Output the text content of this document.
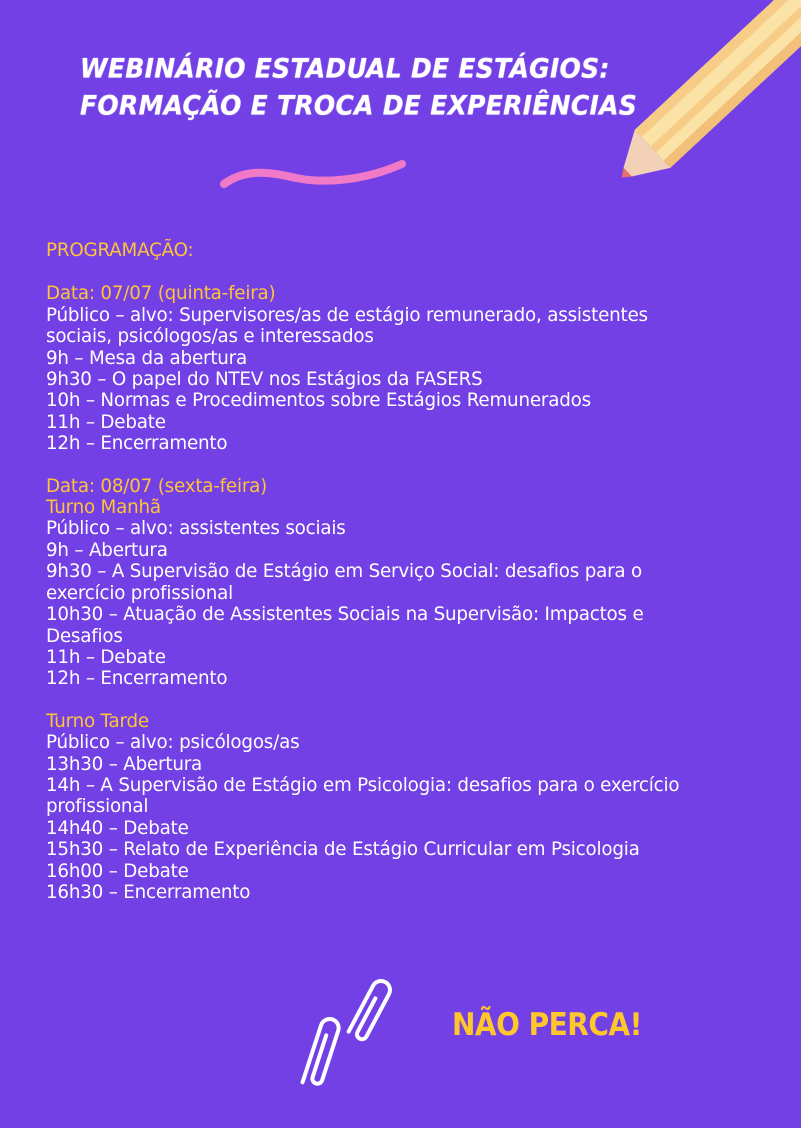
WEBINÁRIO ESTADUAL DE ESTÁGIOS:
FORMAÇÃO E TROCA DE EXPERIÊNCIAS
PROGRAMAÇÃO:
Data: 07/07 (quinta-feira)
Público – alvo: Supervisores/as de estágio remunerado, assistentes sociais, psicólogos/as e interessados
9h – Mesa da abertura
9h30 – O papel do NTEV nos Estágios da FASERS
10h – Normas e Procedimentos sobre Estágios Remunerados
11h – Debate
12h – Encerramento
Data: 08/07 (sexta-feira)
Turno Manhã
Público – alvo: assistentes sociais
9h – Abertura
9h30 – A Supervisão de Estágio em Serviço Social: desafios para o exercício profissional
10h30 – Atuação de Assistentes Sociais na Supervisão: Impactos e Desafios
11h – Debate
12h – Encerramento
Turno Tarde
Público – alvo: psicólogos/as
13h30 – Abertura
14h – A Supervisão de Estágio em Psicologia: desafios para o exercício profissional
14h40 – Debate
15h30 – Relato de Experiência de Estágio Curricular em Psicologia
16h00 – Debate
16h30 – Encerramento
NÃO PERCA!
